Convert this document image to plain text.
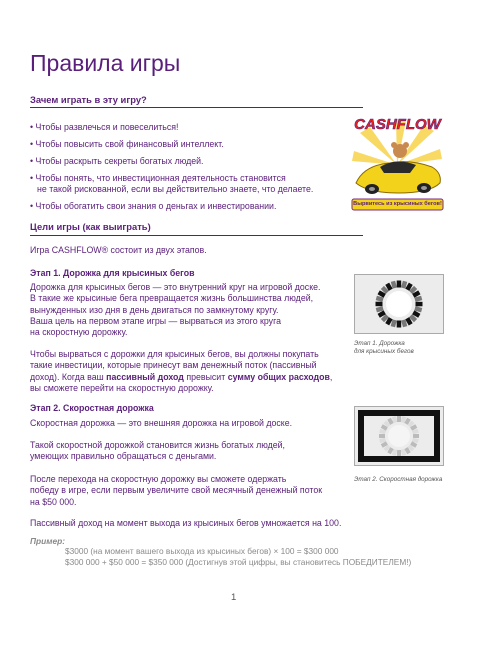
Правила игры
Зачем играть в эту игру?
• Чтобы развлечься и повеселиться!
• Чтобы повысить свой финансовый интеллект.
• Чтобы раскрыть секреты богатых людей.
• Чтобы понять, что инвестиционная деятельность становится
не такой рискованной, если вы действительно знаете, что делаете.
• Чтобы обогатить свои знания о деньгах и инвестировании.
CASHFLOW
Вырвитесь из крысиных бегов!
Цели игры (как выиграть)
Игра CASHFLOW® состоит из двух этапов.
Этап 1. Дорожка для крысиных бегов
Дорожка для крысиных бегов — это внутренний круг на игровой доске.
В такие же крысиные бега превращается жизнь большинства людей,
вынужденных изо дня в день двигаться по замкнутому кругу.
Ваша цель на первом этапе игры — вырваться из этого круга
на скоростную дорожку.
Чтобы вырваться с дорожки для крысиных бегов, вы должны покупать
такие инвестиции, которые принесут вам денежный поток (пассивный
доход). Когда ваш пассивный доход превысит сумму общих расходов,
вы сможете перейти на скоростную дорожку.
Этап 1. Дорожка
для крысиных бегов
Этап 2. Скоростная дорожка
Скоростная дорожка — это внешняя дорожка на игровой доске.
Такой скоростной дорожкой становится жизнь богатых людей,
умеющих правильно обращаться с деньгами.
После перехода на скоростную дорожку вы сможете одержать
победу в игре, если первым увеличите свой месячный денежный поток
на $50 000.
Этап 2. Скоростная дорожка
Пассивный доход на момент выхода из крысиных бегов умножается на 100.
Пример:
$3000 (на момент вашего выхода из крысиных бегов) × 100 = $300 000
$300 000 + $50 000 = $350 000 (Достигнув этой цифры, вы становитесь ПОБЕДИТЕЛЕМ!)
1
